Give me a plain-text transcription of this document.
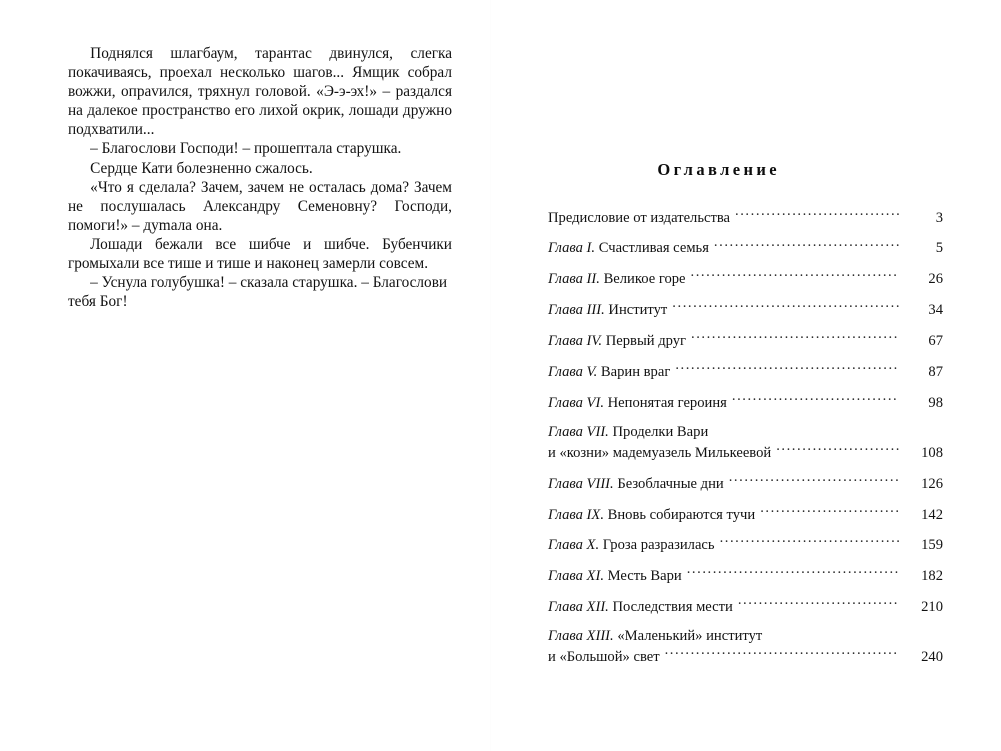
Поднялся шлагбаум, тарантас двинулся, слегка покачиваясь, проехал несколько шагов... Ямщик собрал вожжи, опраvился, тряхнул головой. «Э-э-эх!» – раздался на далекое пространство его лихой окрик, лошади дружно подхватили...

– Благослови Господи! – прошептала старушка.

Сердце Кати болезненно сжалось.

«Что я сделала? Зачем, зачем не осталась дома? Зачем не послушалась Александру Семеновну? Господи, помоги!» – дуmала она.

Лошади бежали все шибче и шибче. Бубенчики громыхали все тише и тише и наконец замерли совсем.

– Уснула голубушка! – сказала старушка. – Благослови тебя Бог!

Оглавление
Предисловие от издательства .....	3
Глава I. Счастливая семья .....	5
Глава II. Великое горе .....	26
Глава III. Институт .....	34
Глава IV. Первый друг .....	67
Глава V. Варин враг .....	87
Глава VI. Непонятая героиня .....	98
Глава VII. Проделки Вари
и «козни» мадемуазель Милькеевой .....	108
Глава VIII. Безоблачные дни .....	126
Глава IX. Вновь собираются тучи .....	142
Глава X. Гроза разразилась .....	159
Глава XI. Месть Вари .....	182
Глава XII. Последствия мести .....	210
Глава XIII. «Маленький» институт
и «Большой» свет .....	240
